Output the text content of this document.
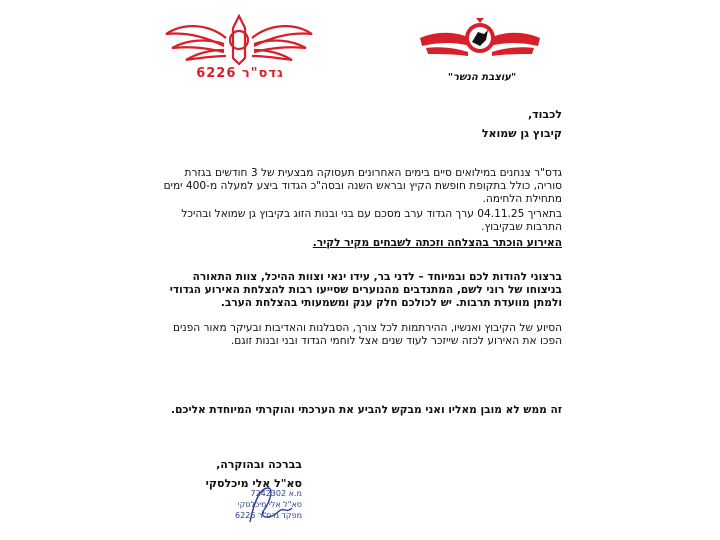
גדס"ר 6226	"עוצבת הנשר"
לכבוד,
קיבוץ גן שמואל
גדס"ר צנחנים במילואים סיים בימים האחרונים תעסוקה מבצעית של 3 חודשים בגזרת סוריה, כולל בתקופת חופשת הקיץ ובראש השנה ובסה"כ הגדוד ביצע למעלה מ-400 ימים מתחילת הלחימה.
בתאריך 04.11.25 ערך הגדוד ערב מסכם עם בני ובנות הזוג בקיבוץ גן שמואל ובהיכל התרבות שבקיבוץ.
האירוע הוכתר בהצלחה וזכתה לשבחים מקיר לקיר.
ברצוני להודות לכם ובמיוחד – לדני בר, עידו ינאי וצוות ההיכל, צוות התאורה בניצוחו של רוני לשם, המתנדבים מהנוערים שסייעו רבות להצלחת האירוע הגדודי ולמתן מוועדת תרבות. יש לכולכם חלק ענק ומשמעותי בהצלחת הערב.
הסיוע של הקיבוץ ואנשיו, ההירתמות לכל צורך, הסבלנות והאדיבות ובעיקר מאור הפנים הפכו את האירוע לכזה שייזכר לעוד שנים אצל לוחמי הגדוד ובני ובנות זוגם.
זה ממש לא מובן מאליו ואני מבקש להביע את הערכתי והוקרתי המיוחדת אליכם.
בברכה ובהוקרה,
סא"ל אלי מיכלסקי
מ.א 7242302
סא"ל אלי מיכלסקי
מפקד גדס"ר 6226
